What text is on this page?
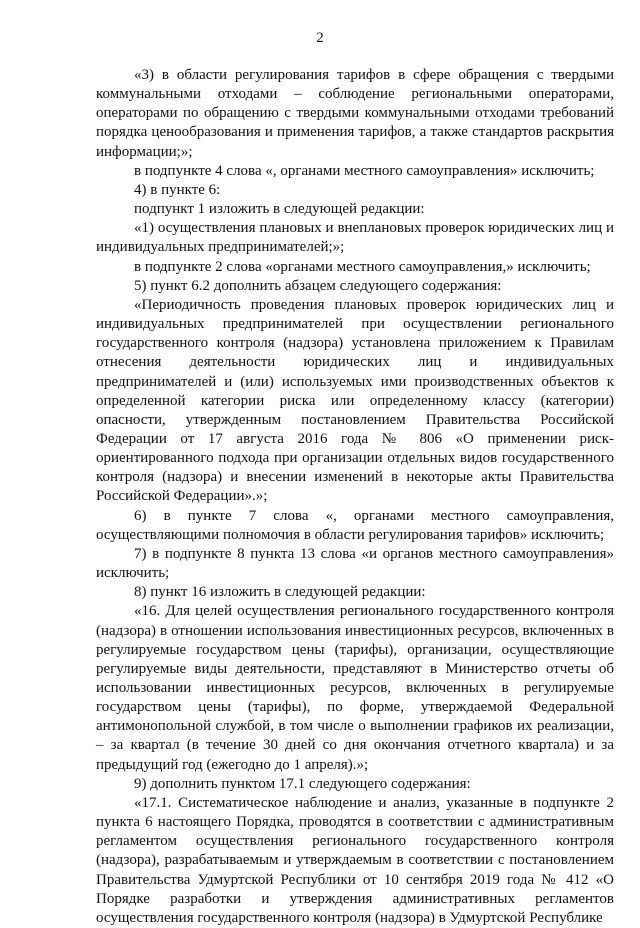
2

«3) в области регулирования тарифов в сфере обращения с твердыми коммунальными отходами – соблюдение региональными операторами, операторами по обращению с твердыми коммунальными отходами требований порядка ценообразования и применения тарифов, а также стандартов раскрытия информации;»;

в подпункте 4 слова «, органами местного самоуправления» исключить;

4) в пункте 6:

подпункт 1 изложить в следующей редакции:

«1) осуществления плановых и внеплановых проверок юридических лиц и индивидуальных предпринимателей;»;

в подпункте 2 слова «органами местного самоуправления,» исключить;

5) пункт 6.2 дополнить абзацем следующего содержания:

«Периодичность проведения плановых проверок юридических лиц и индивидуальных предпринимателей при осуществлении регионального государственного контроля (надзора) установлена приложением к Правилам отнесения деятельности юридических лиц и индивидуальных предпринимателей и (или) используемых ими производственных объектов к определенной категории риска или определенному классу (категории) опасности, утвержденным постановлением Правительства Российской Федерации от 17 августа 2016 года № 806 «О применении риск-ориентированного подхода при организации отдельных видов государственного контроля (надзора) и внесении изменений в некоторые акты Правительства Российской Федерации».»;

6) в пункте 7 слова «, органами местного самоуправления, осуществляющими полномочия в области регулирования тарифов» исключить;

7) в подпункте 8 пункта 13 слова «и органов местного самоуправления» исключить;

8) пункт 16 изложить в следующей редакции:

«16. Для целей осуществления регионального государственного контроля (надзора) в отношении использования инвестиционных ресурсов, включенных в регулируемые государством цены (тарифы), организации, осуществляющие регулируемые виды деятельности, представляют в Министерство отчеты об использовании инвестиционных ресурсов, включенных в регулируемые государством цены (тарифы), по форме, утверждаемой Федеральной антимонопольной службой, в том числе о выполнении графиков их реализации, – за квартал (в течение 30 дней со дня окончания отчетного квартала) и за предыдущий год (ежегодно до 1 апреля).»;

9) дополнить пунктом 17.1 следующего содержания:

«17.1. Систематическое наблюдение и анализ, указанные в подпункте 2 пункта 6 настоящего Порядка, проводятся в соответствии с административным регламентом осуществления регионального государственного контроля (надзора), разрабатываемым и утверждаемым в соответствии с постановлением Правительства Удмуртской Республики от 10 сентября 2019 года № 412 «О Порядке разработки и утверждения административных регламентов осуществления государственного контроля (надзора) в Удмуртской Республике
